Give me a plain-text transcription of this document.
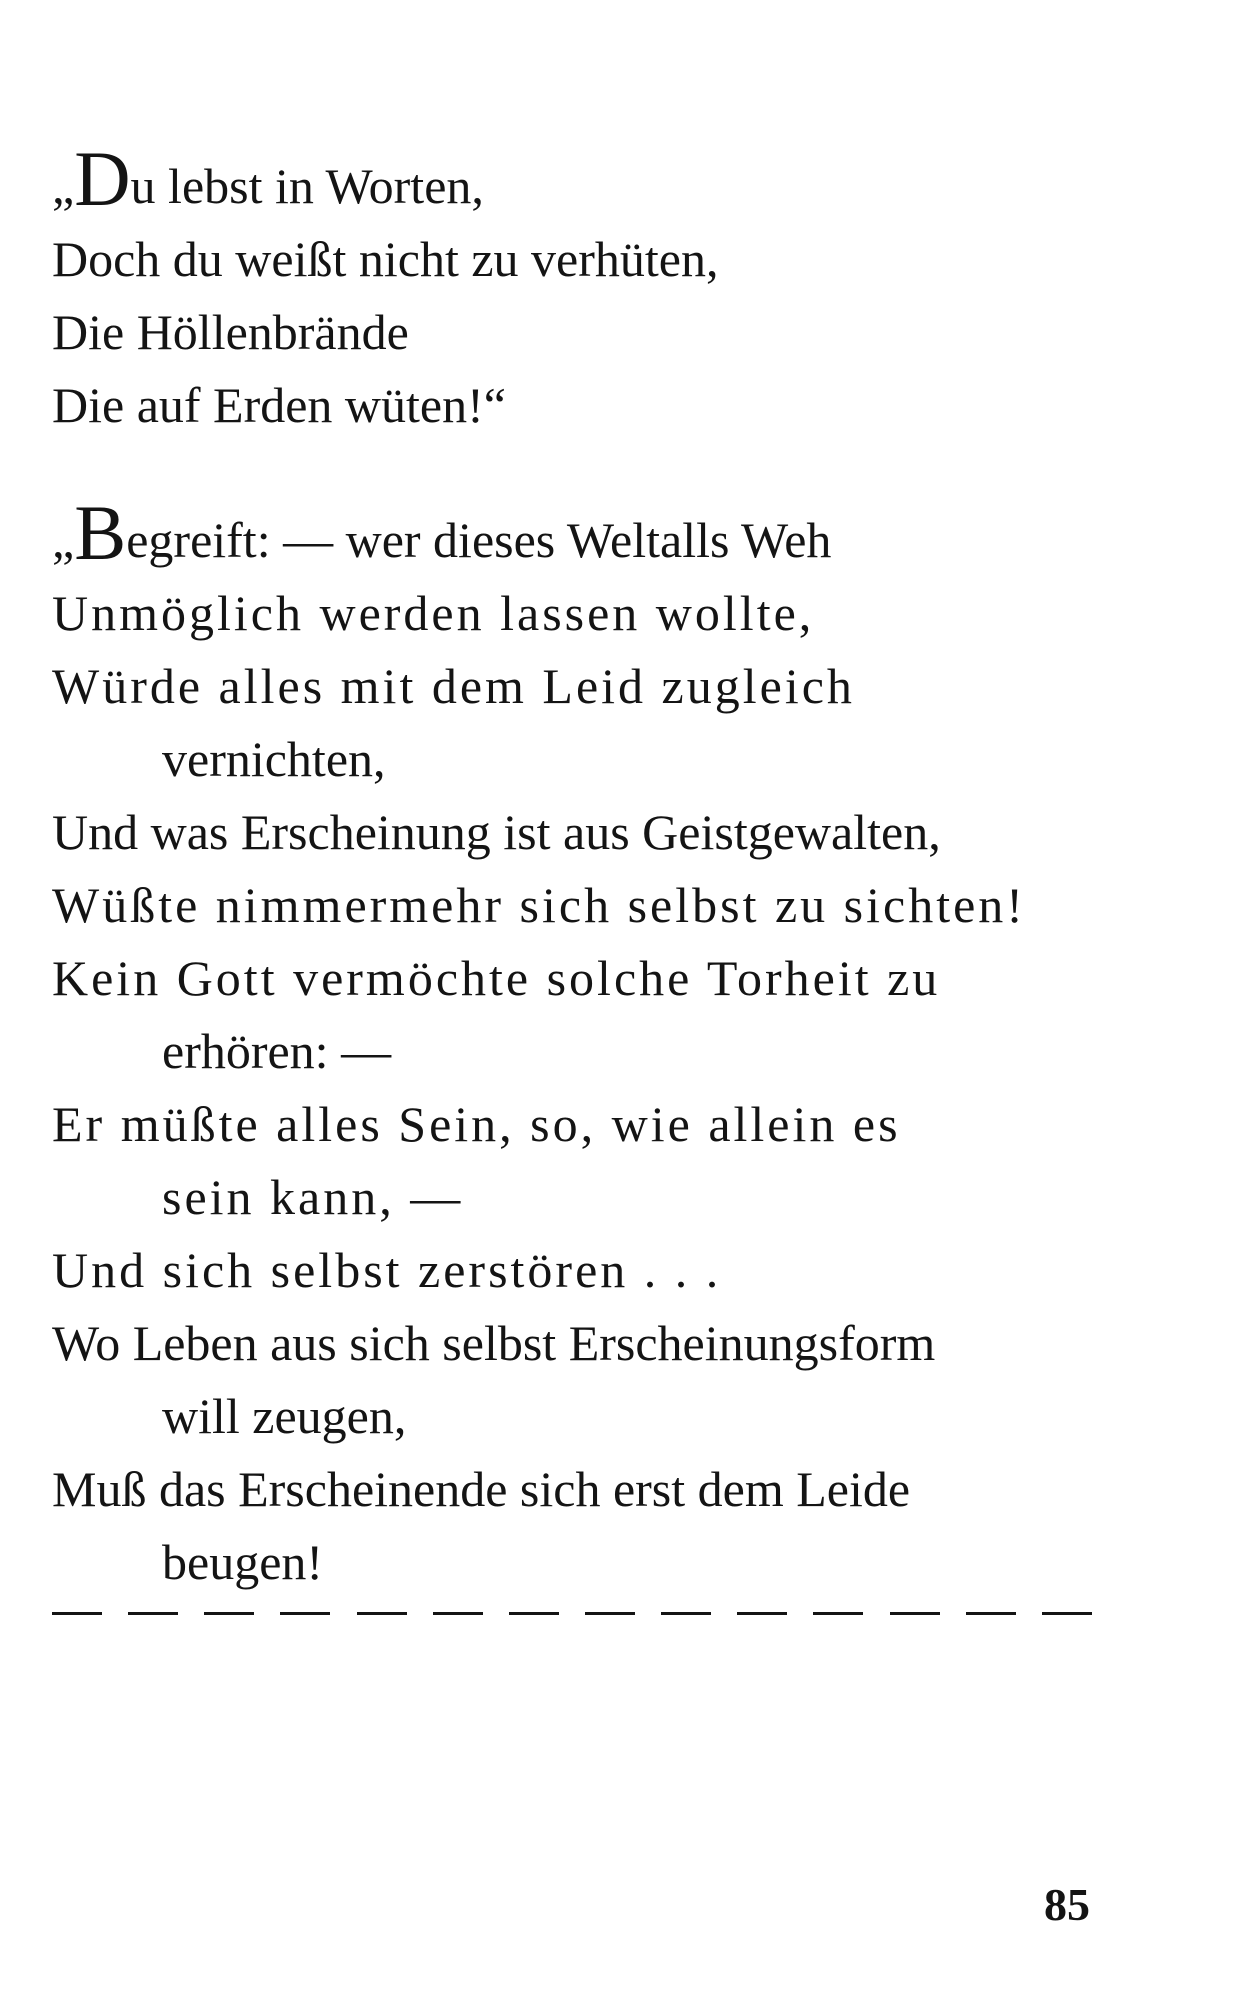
„Du lebst in Worten,
Doch du weißt nicht zu verhüten,
Die Höllenbrände
Die auf Erden wüten!“
„Begreift: — wer dieses Weltalls Weh
Unmöglich werden lassen wollte,
Würde alles mit dem Leid zugleich
vernichten,
Und was Erscheinung ist aus Geistgewalten,
Wüßte nimmermehr sich selbst zu sichten!
Kein Gott vermöchte solche Torheit zu
erhören: —
Er müßte alles Sein, so, wie allein es
sein kann, —
Und sich selbst zerstören . . .
Wo Leben aus sich selbst Erscheinungsform
will zeugen,
Muß das Erscheinende sich erst dem Leide
beugen!
85
